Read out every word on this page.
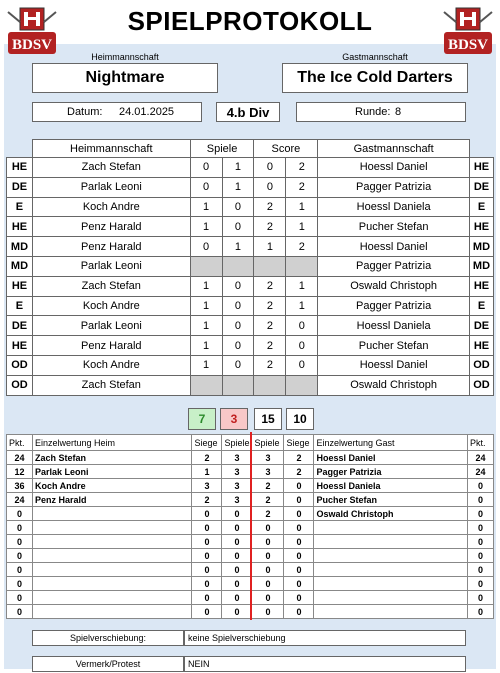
BDSV	BDSV
SPIELPROTOKOLL
Heimmannschaft	Gastmannschaft
Nightmare	The Ice Cold Darters
Datum: 24.01.2025	4.b Div	Runde: 8
	Heimmannschaft	Spiele		Score		Gastmannschaft	
HE	Zach Stefan	0	1	0	2	Hoessl Daniel	HE
DE	Parlak Leoni	0	1	0	2	Pagger Patrizia	DE
E	Koch Andre	1	0	2	1	Hoessl Daniela	E
HE	Penz Harald	1	0	2	1	Pucher Stefan	HE
MD	Penz Harald	0	1	1	2	Hoessl Daniel	MD
MD	Parlak Leoni					Pagger Patrizia	MD
HE	Zach Stefan	1	0	2	1	Oswald Christoph	HE
E	Koch Andre	1	0	2	1	Pagger Patrizia	E
DE	Parlak Leoni	1	0	2	0	Hoessl Daniela	DE
HE	Penz Harald	1	0	2	0	Pucher Stefan	HE
OD	Koch Andre	1	0	2	0	Hoessl Daniel	OD
OD	Zach Stefan					Oswald Christoph	OD
7	3	15	10
Pkt.	Einzelwertung Heim	Siege	Spiele	Spiele	Siege	Einzelwertung Gast	Pkt.
24	Zach Stefan	2	3	3	2	Hoessl Daniel	24
12	Parlak Leoni	1	3	3	2	Pagger Patrizia	24
36	Koch Andre	3	3	2	0	Hoessl Daniela	0
24	Penz Harald	2	3	2	0	Pucher Stefan	0
0		0	0	2	0	Oswald Christoph	0
0		0	0	0	0		0
0		0	0	0	0		0
0		0	0	0	0		0
0		0	0	0	0		0
0		0	0	0	0		0
0		0	0	0	0		0
0		0	0	0	0		0
Spielverschiebung:	keine Spielverschiebung
Vermerk/Protest	NEIN
